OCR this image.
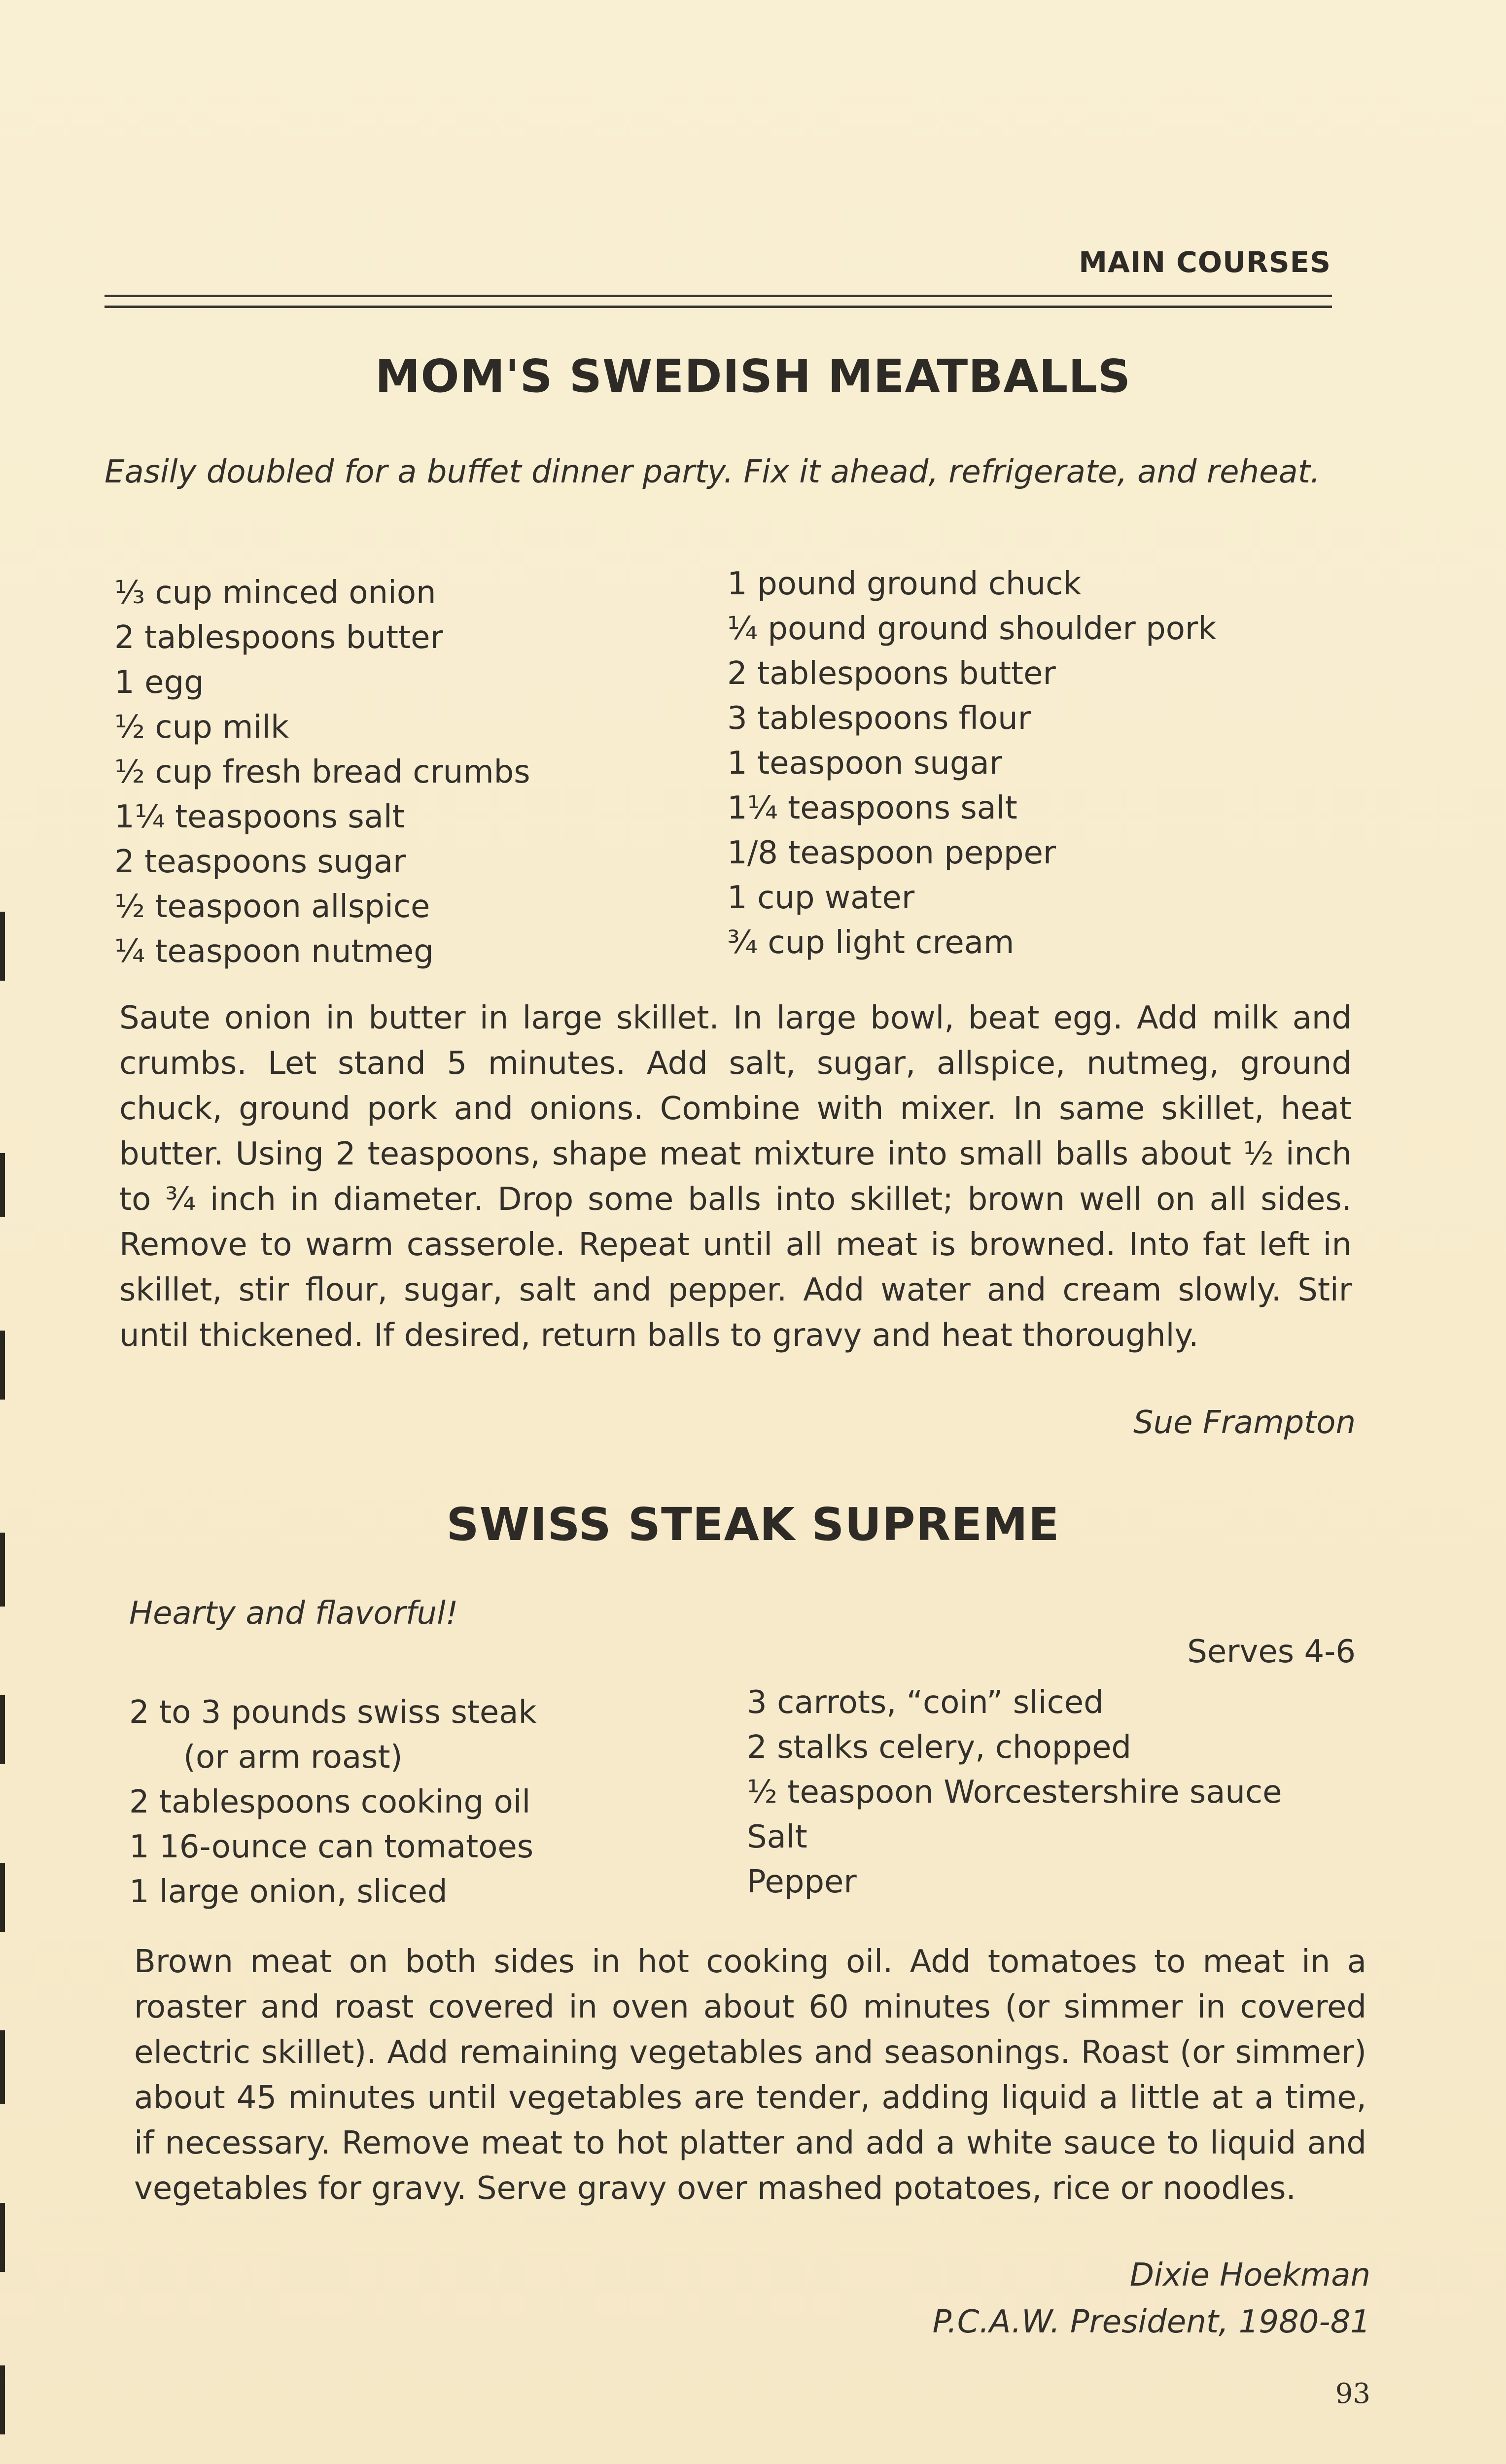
MAIN COURSES
MOM'S SWEDISH MEATBALLS
Easily doubled for a buffet dinner party. Fix it ahead, refrigerate, and reheat.
⅓ cup minced onion
2 tablespoons butter
1 egg
½ cup milk
½ cup fresh bread crumbs
1¼ teaspoons salt
2 teaspoons sugar
½ teaspoon allspice
¼ teaspoon nutmeg
1 pound ground chuck
¼ pound ground shoulder pork
2 tablespoons butter
3 tablespoons flour
1 teaspoon sugar
1¼ teaspoons salt
1/8 teaspoon pepper
1 cup water
¾ cup light cream
Saute onion in butter in large skillet. In large bowl, beat egg. Add milk and crumbs. Let stand 5 minutes. Add salt, sugar, allspice, nutmeg, ground chuck, ground pork and onions. Combine with mixer. In same skillet, heat butter. Using 2 teaspoons, shape meat mixture into small balls about ½ inch to ¾ inch in diameter. Drop some balls into skillet; brown well on all sides. Remove to warm casserole. Repeat until all meat is browned. Into fat left in skillet, stir flour, sugar, salt and pepper. Add water and cream slowly. Stir until thickened. If desired, return balls to gravy and heat thoroughly.
Sue Frampton
SWISS STEAK SUPREME
Hearty and flavorful!
Serves 4-6
2 to 3 pounds swiss steak
(or arm roast)
2 tablespoons cooking oil
1 16-ounce can tomatoes
1 large onion, sliced
3 carrots, “coin” sliced
2 stalks celery, chopped
½ teaspoon Worcestershire sauce
Salt
Pepper
Brown meat on both sides in hot cooking oil. Add tomatoes to meat in a roaster and roast covered in oven about 60 minutes (or simmer in covered electric skillet). Add remaining vegetables and seasonings. Roast (or simmer) about 45 minutes until vegetables are tender, adding liquid a little at a time, if necessary. Remove meat to hot platter and add a white sauce to liquid and vegetables for gravy. Serve gravy over mashed potatoes, rice or noodles.
Dixie Hoekman
P.C.A.W. President, 1980-81
93
